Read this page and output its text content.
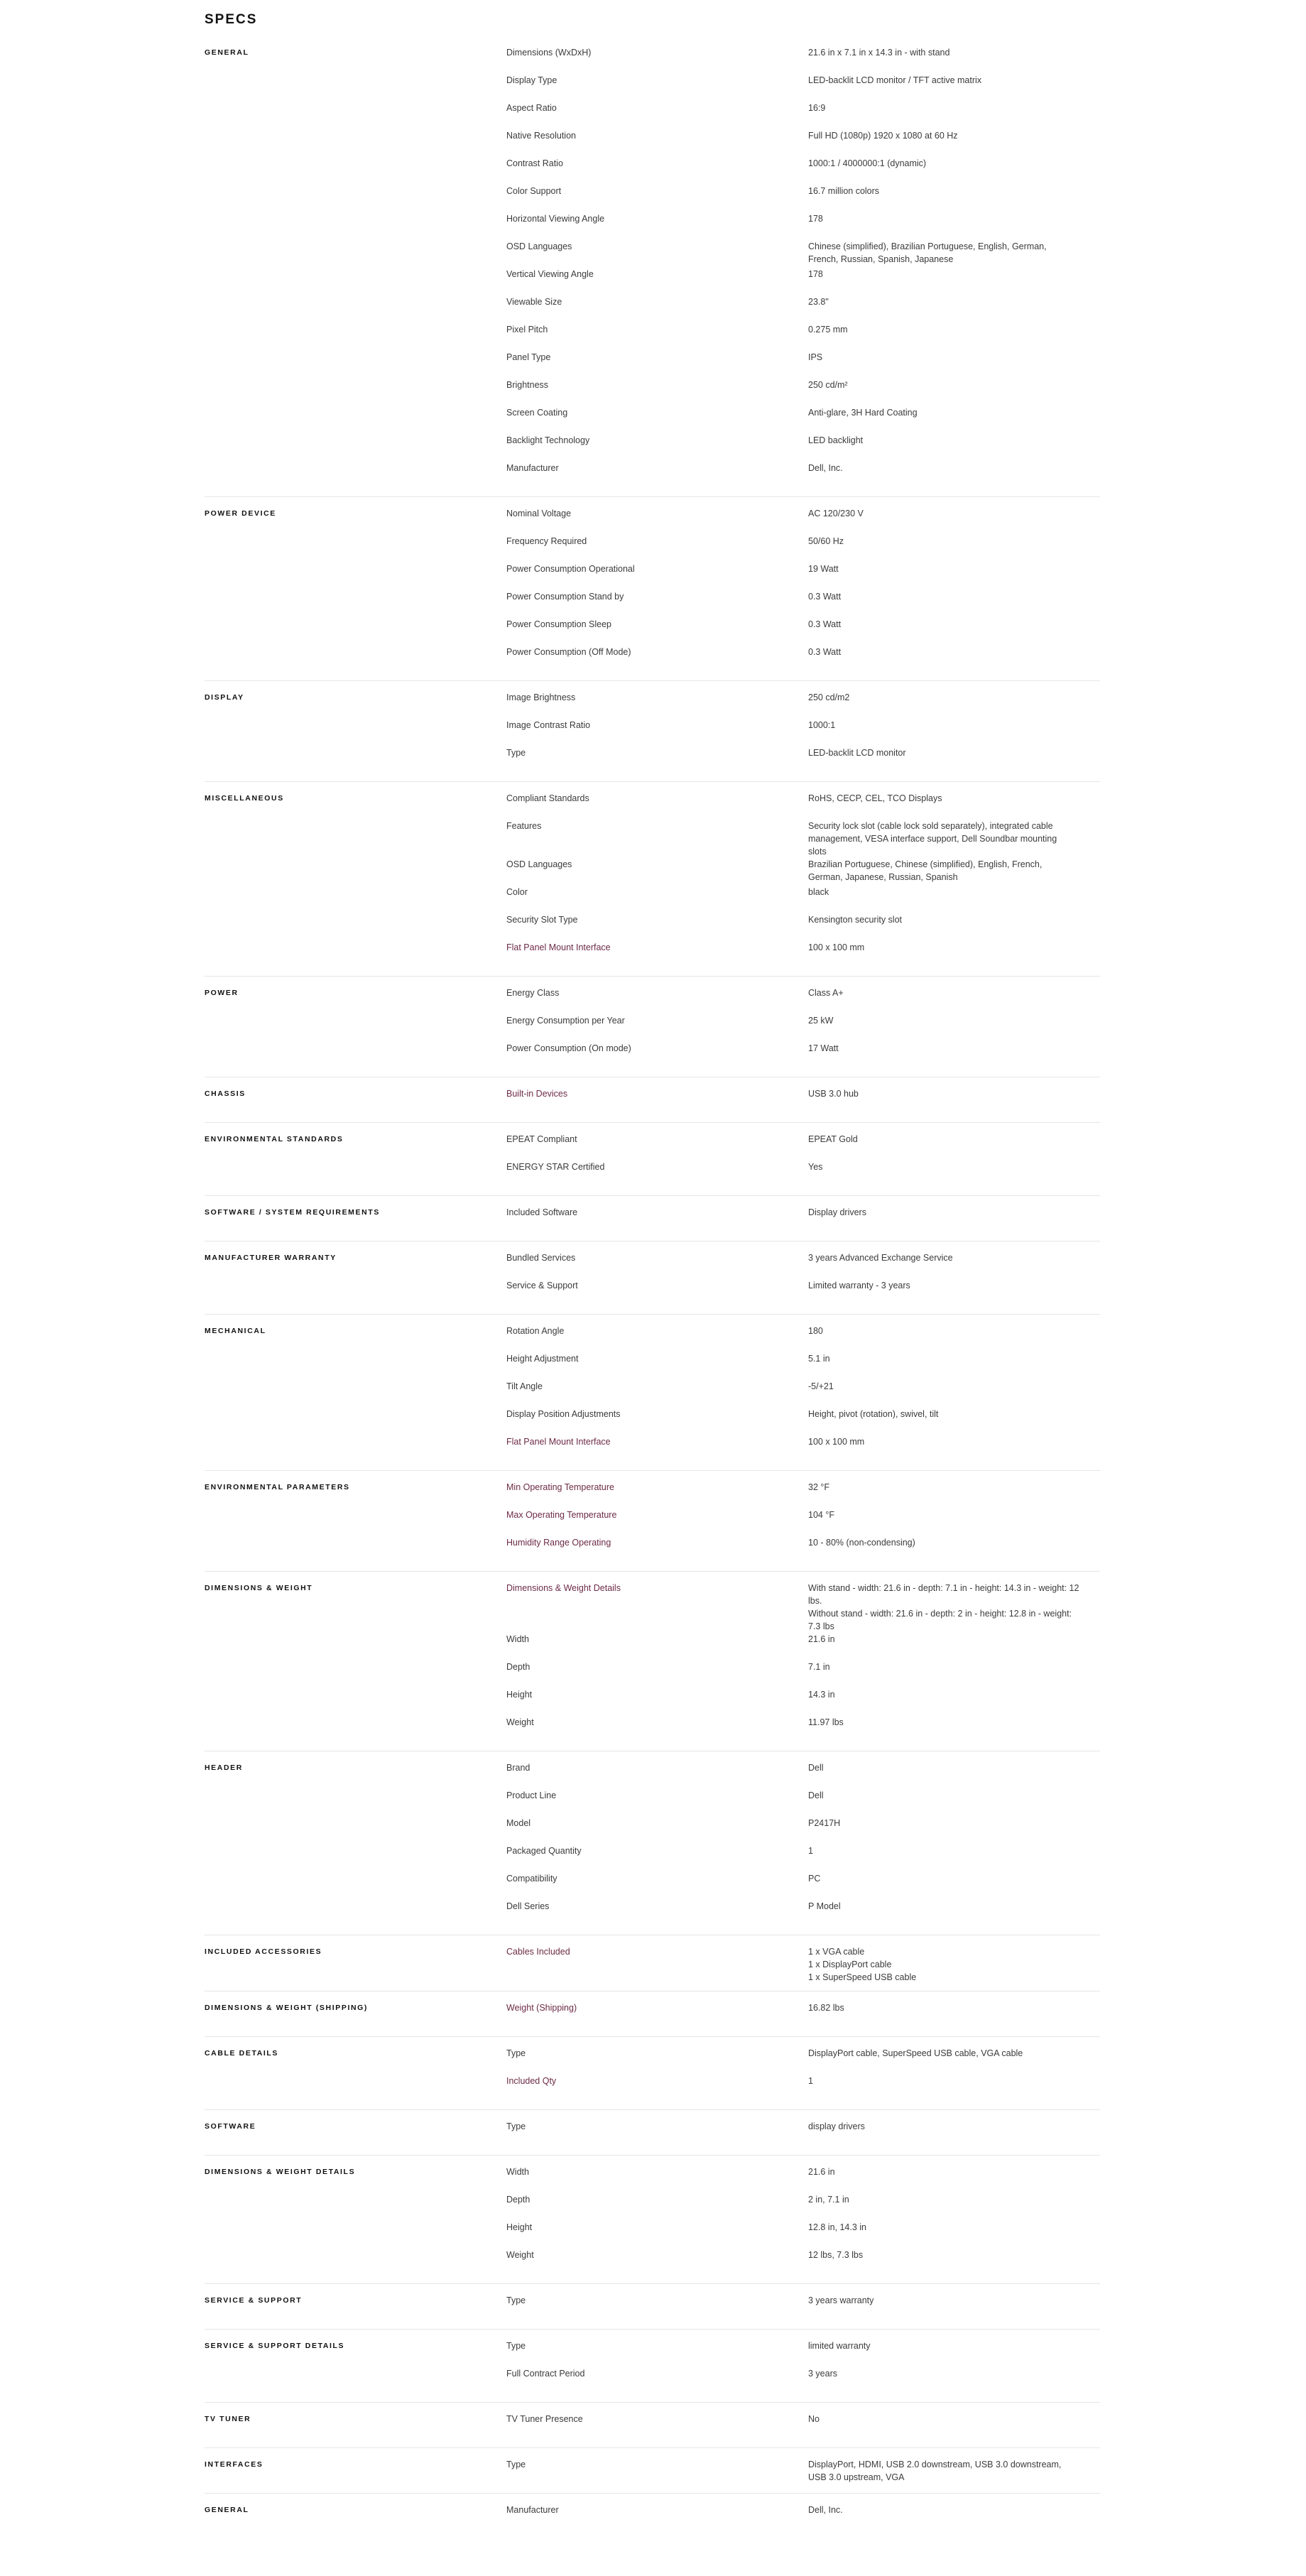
SPECS
GENERAL	Dimensions (WxDxH)	21.6 in x 7.1 in x 14.3 in - with stand
Display Type	LED-backlit LCD monitor / TFT active matrix
Aspect Ratio	16:9
Native Resolution	Full HD (1080p) 1920 x 1080 at 60 Hz
Contrast Ratio	1000:1 / 4000000:1 (dynamic)
Color Support	16.7 million colors
Horizontal Viewing Angle	178
OSD Languages	Chinese (simplified), Brazilian Portuguese, English, German,
French, Russian, Spanish, Japanese
Vertical Viewing Angle	178
Viewable Size	23.8"
Pixel Pitch	0.275 mm
Panel Type	IPS
Brightness	250 cd/m²
Screen Coating	Anti-glare, 3H Hard Coating
Backlight Technology	LED backlight
Manufacturer	Dell, Inc.
POWER DEVICE	Nominal Voltage	AC 120/230 V
Frequency Required	50/60 Hz
Power Consumption Operational	19 Watt
Power Consumption Stand by	0.3 Watt
Power Consumption Sleep	0.3 Watt
Power Consumption (Off Mode)	0.3 Watt
DISPLAY	Image Brightness	250 cd/m2
Image Contrast Ratio	1000:1
Type	LED-backlit LCD monitor
MISCELLANEOUS	Compliant Standards	RoHS, CECP, CEL, TCO Displays
Features	Security lock slot (cable lock sold separately), integrated cable
management, VESA interface support, Dell Soundbar mounting
slots
OSD Languages	Brazilian Portuguese, Chinese (simplified), English, French,
German, Japanese, Russian, Spanish
Color	black
Security Slot Type	Kensington security slot
Flat Panel Mount Interface	100 x 100 mm
POWER	Energy Class	Class A+
Energy Consumption per Year	25 kW
Power Consumption (On mode)	17 Watt
CHASSIS	Built-in Devices	USB 3.0 hub
ENVIRONMENTAL STANDARDS	EPEAT Compliant	EPEAT Gold
ENERGY STAR Certified	Yes
SOFTWARE / SYSTEM REQUIREMENTS	Included Software	Display drivers
MANUFACTURER WARRANTY	Bundled Services	3 years Advanced Exchange Service
Service & Support	Limited warranty - 3 years
MECHANICAL	Rotation Angle	180
Height Adjustment	5.1 in
Tilt Angle	-5/+21
Display Position Adjustments	Height, pivot (rotation), swivel, tilt
Flat Panel Mount Interface	100 x 100 mm
ENVIRONMENTAL PARAMETERS	Min Operating Temperature	32 °F
Max Operating Temperature	104 °F
Humidity Range Operating	10 - 80% (non-condensing)
DIMENSIONS & WEIGHT	Dimensions & Weight Details	With stand - width: 21.6 in - depth: 7.1 in - height: 14.3 in - weight: 12
lbs.
Without stand - width: 21.6 in - depth: 2 in - height: 12.8 in - weight:
7.3 lbs
Width	21.6 in
Depth	7.1 in
Height	14.3 in
Weight	11.97 lbs
HEADER	Brand	Dell
Product Line	Dell
Model	P2417H
Packaged Quantity	1
Compatibility	PC
Dell Series	P Model
INCLUDED ACCESSORIES	Cables Included	1 x VGA cable
1 x DisplayPort cable
1 x SuperSpeed USB cable
DIMENSIONS & WEIGHT (SHIPPING)	Weight (Shipping)	16.82 lbs
CABLE DETAILS	Type	DisplayPort cable, SuperSpeed USB cable, VGA cable
Included Qty	1
SOFTWARE	Type	display drivers
DIMENSIONS & WEIGHT DETAILS	Width	21.6 in
Depth	2 in, 7.1 in
Height	12.8 in, 14.3 in
Weight	12 lbs, 7.3 lbs
SERVICE & SUPPORT	Type	3 years warranty
SERVICE & SUPPORT DETAILS	Type	limited warranty
Full Contract Period	3 years
TV TUNER	TV Tuner Presence	No
INTERFACES	Type	DisplayPort, HDMI, USB 2.0 downstream, USB 3.0 downstream,
USB 3.0 upstream, VGA
GENERAL	Manufacturer	Dell, Inc.
